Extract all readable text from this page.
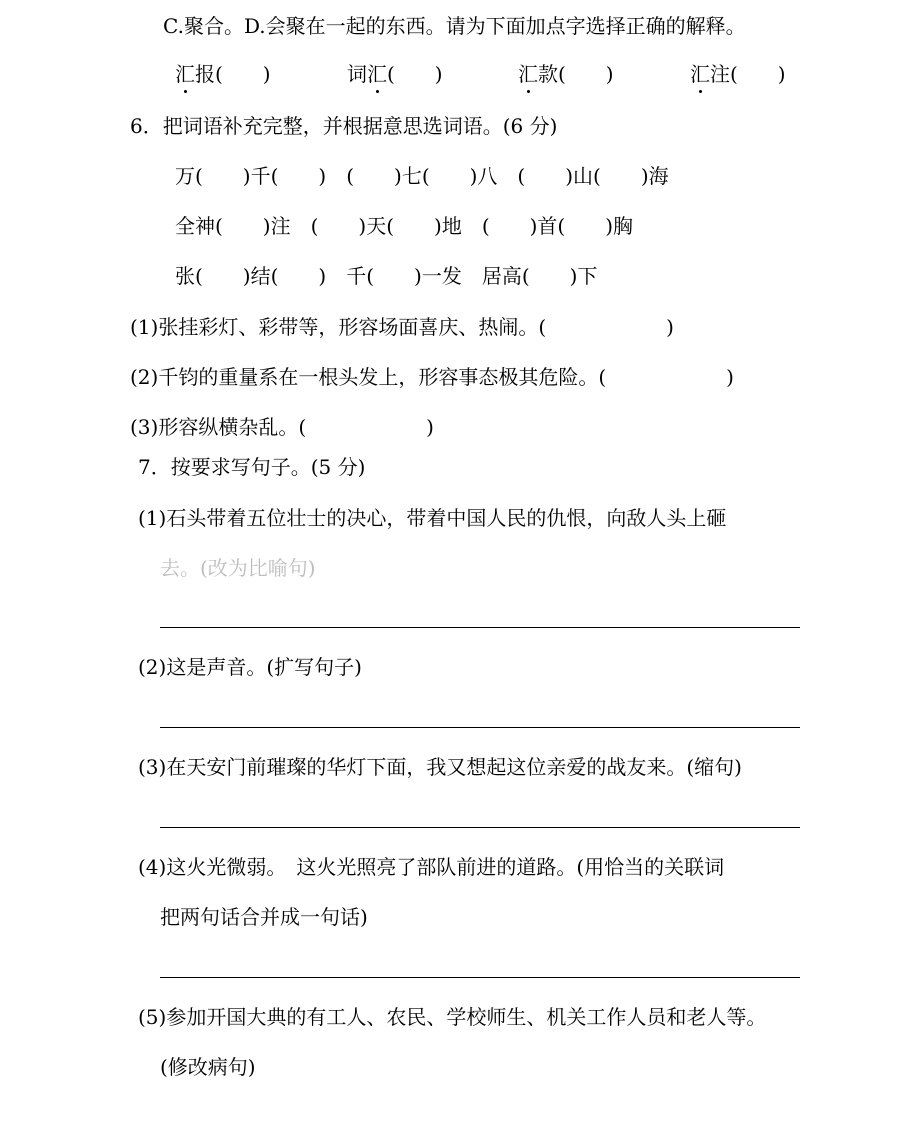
C.聚合。D.会聚在一起的东西。请为下面加点字选择正确的解释。
汇报(　　)	词汇(　　)	汇款(　　)	汇注(　　)
6．把词语补充完整，并根据意思选词语。(6 分)
万(　　)千(　　)　(　　)七(　　)八　(　　)山(　　)海
全神(　　)注　(　　)天(　　)地　(　　)首(　　)胸
张(　　)结(　　)　千(　　)一发　居高(　　)下
(1)张挂彩灯、彩带等，形容场面喜庆、热闹。(　　　　　　)
(2)千钧的重量系在一根头发上，形容事态极其危险。(　　　　　　)
(3)形容纵横杂乱。(　　　　　　)
7．按要求写句子。(5 分)
(1)石头带着五位壮士的决心，带着中国人民的仇恨，向敌人头上砸
去。(改为比喻句)
(2)这是声音。(扩写句子)
(3)在天安门前璀璨的华灯下面，我又想起这位亲爱的战友来。(缩句)
(4)这火光微弱。　这火光照亮了部队前进的道路。(用恰当的关联词
把两句话合并成一句话)
(5)参加开国大典的有工人、农民、学校师生、机关工作人员和老人等。
(修改病句)
